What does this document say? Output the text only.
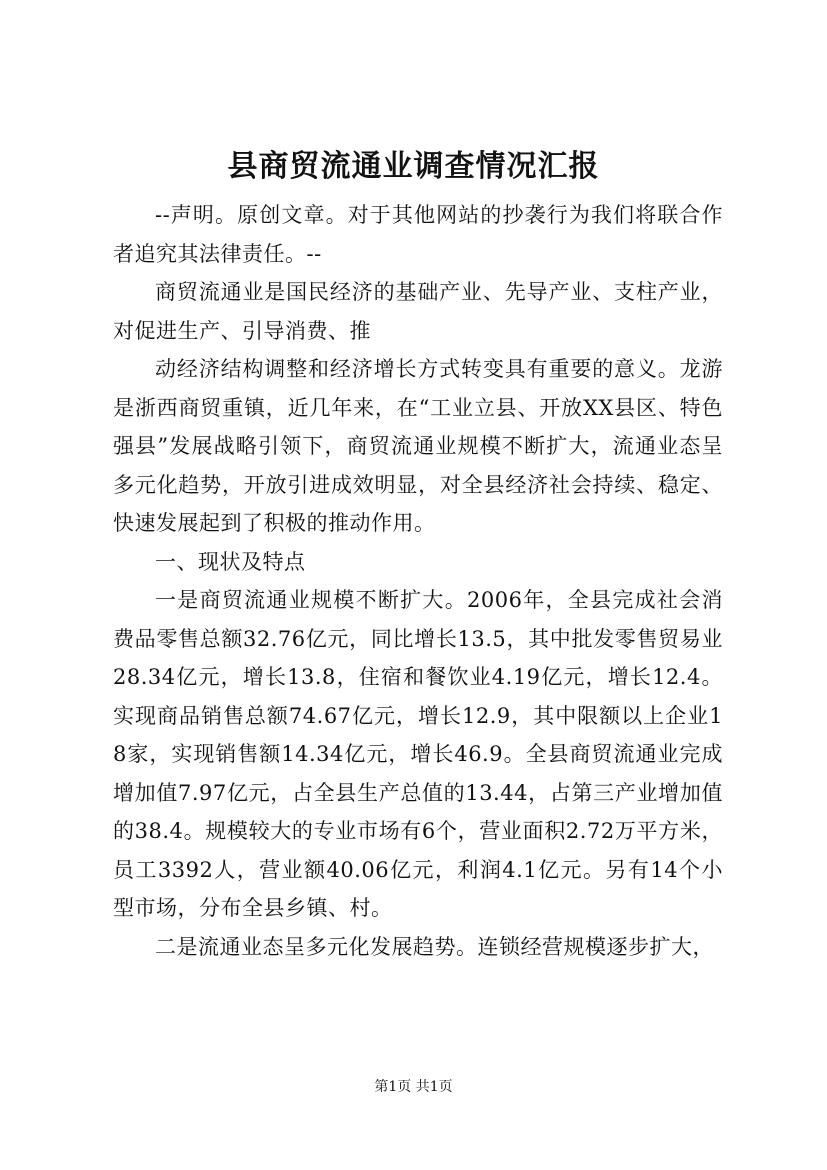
县商贸流通业调查情况汇报

--声明。原创文章。对于其他网站的抄袭行为我们将联合作者追究其法律责任。--

商贸流通业是国民经济的基础产业、先导产业、支柱产业，对促进生产、引导消费、推

动经济结构调整和经济增长方式转变具有重要的意义。龙游是浙西商贸重镇，近几年来，在“工业立县、开放XX县区、特色强县”发展战略引领下，商贸流通业规模不断扩大，流通业态呈多元化趋势，开放引进成效明显，对全县经济社会持续、稳定、快速发展起到了积极的推动作用。

一、现状及特点

一是商贸流通业规模不断扩大。2006年，全县完成社会消费品零售总额32.76亿元，同比增长13.5，其中批发零售贸易业28.34亿元，增长13.8，住宿和餐饮业4.19亿元，增长12.4。实现商品销售总额74.67亿元，增长12.9，其中限额以上企业18家，实现销售额14.34亿元，增长46.9。全县商贸流通业完成增加值7.97亿元，占全县生产总值的13.44，占第三产业增加值的38.4。规模较大的专业市场有6个，营业面积2.72万平方米，员工3392人，营业额40.06亿元，利润4.1亿元。另有14个小型市场，分布全县乡镇、村。

二是流通业态呈多元化发展趋势。连锁经营规模逐步扩大，

第1页 共1页
